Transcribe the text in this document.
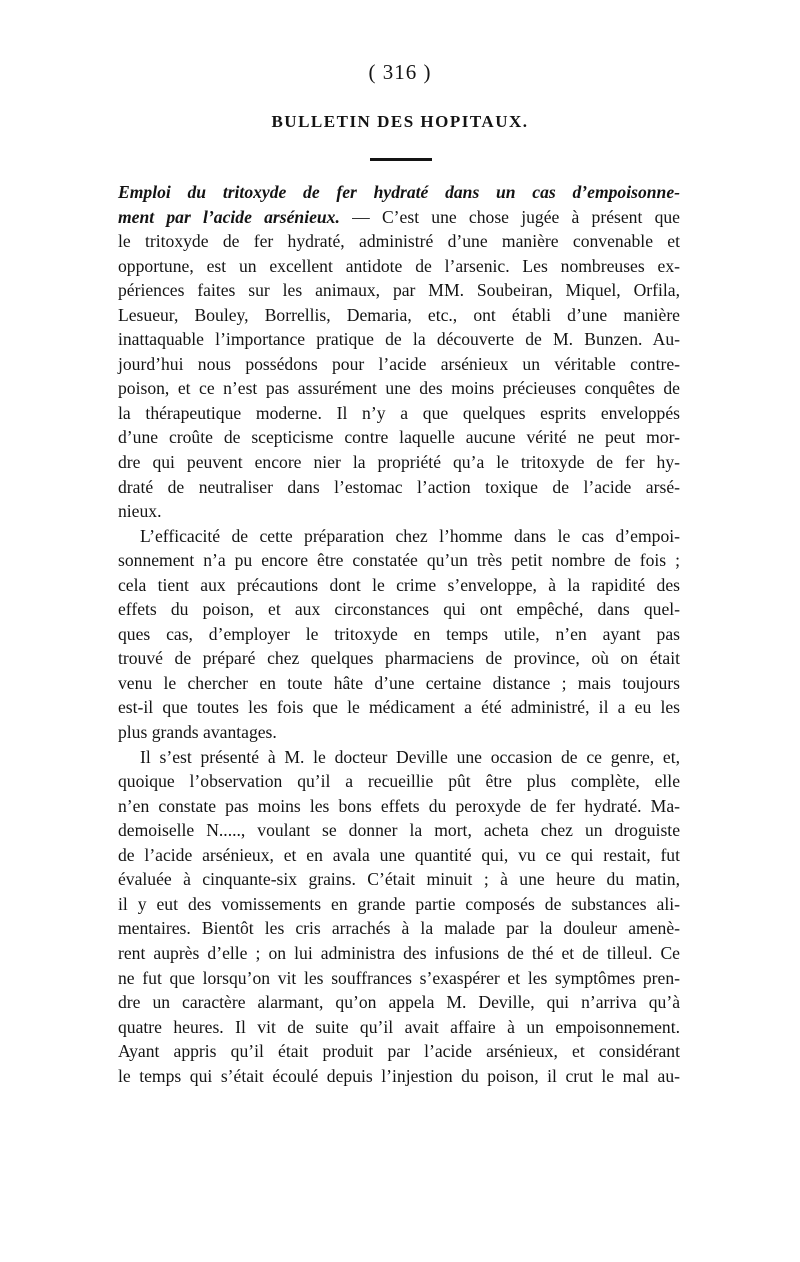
( 316 )
BULLETIN DES HOPITAUX.
Emploi du tritoxyde de fer hydraté dans un cas d’empoisonne-
ment par l’acide arsénieux. — C’est une chose jugée à présent que
le tritoxyde de fer hydraté, administré d’une manière convenable et
opportune, est un excellent antidote de l’arsenic. Les nombreuses ex-
périences faites sur les animaux, par MM. Soubeiran, Miquel, Orfila,
Lesueur, Bouley, Borrellis, Demaria, etc., ont établi d’une manière
inattaquable l’importance pratique de la découverte de M. Bunzen. Au-
jourd’hui nous possédons pour l’acide arsénieux un véritable contre-
poison, et ce n’est pas assurément une des moins précieuses conquêtes de
la thérapeutique moderne. Il n’y a que quelques esprits enveloppés
d’une croûte de scepticisme contre laquelle aucune vérité ne peut mor-
dre qui peuvent encore nier la propriété qu’a le tritoxyde de fer hy-
draté de neutraliser dans l’estomac l’action toxique de l’acide arsé-
nieux.
L’efficacité de cette préparation chez l’homme dans le cas d’empoi-
sonnement n’a pu encore être constatée qu’un très petit nombre de fois ;
cela tient aux précautions dont le crime s’enveloppe, à la rapidité des
effets du poison, et aux circonstances qui ont empêché, dans quel-
ques cas, d’employer le tritoxyde en temps utile, n’en ayant pas
trouvé de préparé chez quelques pharmaciens de province, où on était
venu le chercher en toute hâte d’une certaine distance ; mais toujours
est-il que toutes les fois que le médicament a été administré, il a eu les
plus grands avantages.
Il s’est présenté à M. le docteur Deville une occasion de ce genre, et,
quoique l’observation qu’il a recueillie pût être plus complète, elle
n’en constate pas moins les bons effets du peroxyde de fer hydraté. Ma-
demoiselle N....., voulant se donner la mort, acheta chez un droguiste
de l’acide arsénieux, et en avala une quantité qui, vu ce qui restait, fut
évaluée à cinquante-six grains. C’était minuit ; à une heure du matin,
il y eut des vomissements en grande partie composés de substances ali-
mentaires. Bientôt les cris arrachés à la malade par la douleur amenè-
rent auprès d’elle ; on lui administra des infusions de thé et de tilleul. Ce
ne fut que lorsqu’on vit les souffrances s’exaspérer et les symptômes pren-
dre un caractère alarmant, qu’on appela M. Deville, qui n’arriva qu’à
quatre heures. Il vit de suite qu’il avait affaire à un empoisonnement.
Ayant appris qu’il était produit par l’acide arsénieux, et considérant
le temps qui s’était écoulé depuis l’injestion du poison, il crut le mal au-
